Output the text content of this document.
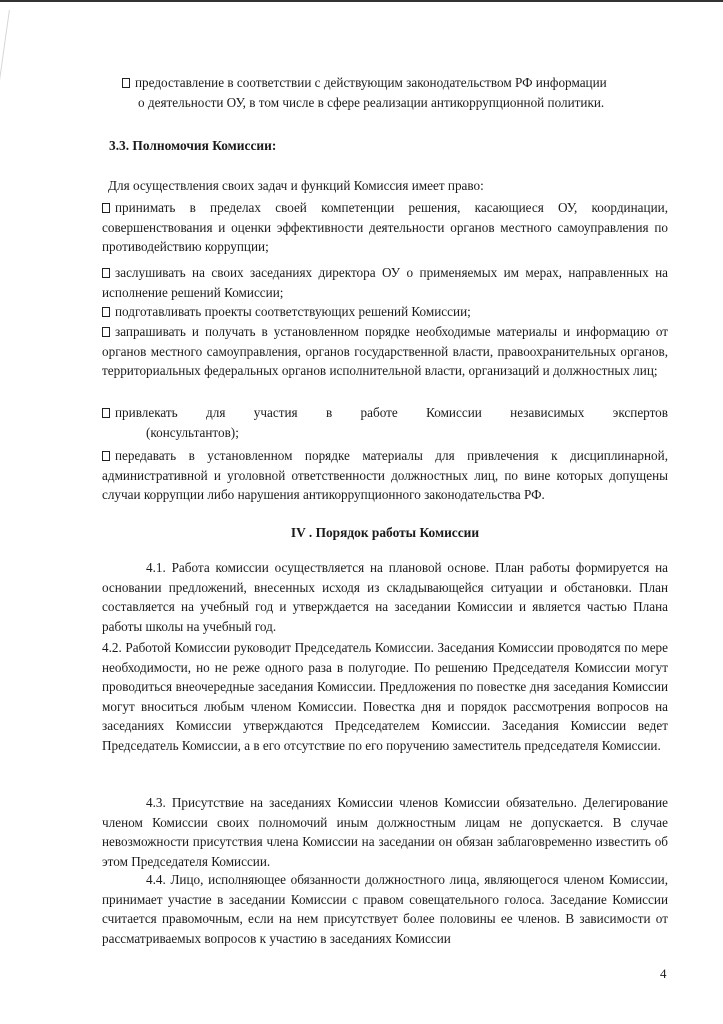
предоставление в соответствии с действующим законодательством РФ информации
о деятельности ОУ, в том числе в сфере реализации антикоррупционной политики.
3.3. Полномочия Комиссии:
Для осуществления своих задач и функций Комиссия имеет право:
принимать в пределах своей компетенции решения, касающиеся ОУ, координации, совершенствования и оценки эффективности деятельности органов местного самоуправления по противодействию коррупции;
заслушивать на своих заседаниях директора ОУ о применяемых им мерах, направленных на исполнение решений Комиссии;
подготавливать проекты соответствующих решений Комиссии;
запрашивать и получать в установленном порядке необходимые материалы и информацию от органов местного самоуправления, органов государственной власти, правоохранительных органов, территориальных федеральных органов исполнительной власти, организаций и должностных лиц;
привлекать для участия в работе Комиссии независимых экспертов
(консультантов);
передавать в установленном порядке материалы для привлечения к дисциплинарной, административной и уголовной ответственности должностных лиц, по вине которых допущены случаи коррупции либо нарушения антикоррупционного законодательства РФ.
IV . Порядок работы Комиссии
4.1. Работа комиссии осуществляется на плановой основе. План работы формируется на основании предложений, внесенных исходя из складывающейся ситуации и обстановки. План составляется на учебный год и утверждается на заседании Комиссии и является частью Плана работы школы на учебный год.
4.2. Работой Комиссии руководит Председатель Комиссии. Заседания Комиссии проводятся по мере необходимости, но не реже одного раза в полугодие. По решению Председателя Комиссии могут проводиться внеочередные заседания Комиссии. Предложения по повестке дня заседания Комиссии могут вноситься любым членом Комиссии. Повестка дня и порядок рассмотрения вопросов на заседаниях Комиссии утверждаются Председателем Комиссии. Заседания Комиссии ведет Председатель Комиссии, а в его отсутствие по его поручению заместитель председателя Комиссии.
4.3. Присутствие на заседаниях Комиссии членов Комиссии обязательно. Делегирование членом Комиссии своих полномочий иным должностным лицам не допускается. В случае невозможности присутствия члена Комиссии на заседании он обязан заблаговременно известить об этом Председателя Комиссии.
4.4. Лицо, исполняющее обязанности должностного лица, являющегося членом Комиссии, принимает участие в заседании Комиссии с правом совещательного голоса. Заседание Комиссии считается правомочным, если на нем присутствует более половины ее членов. В зависимости от рассматриваемых вопросов к участию в заседаниях Комиссии
4
